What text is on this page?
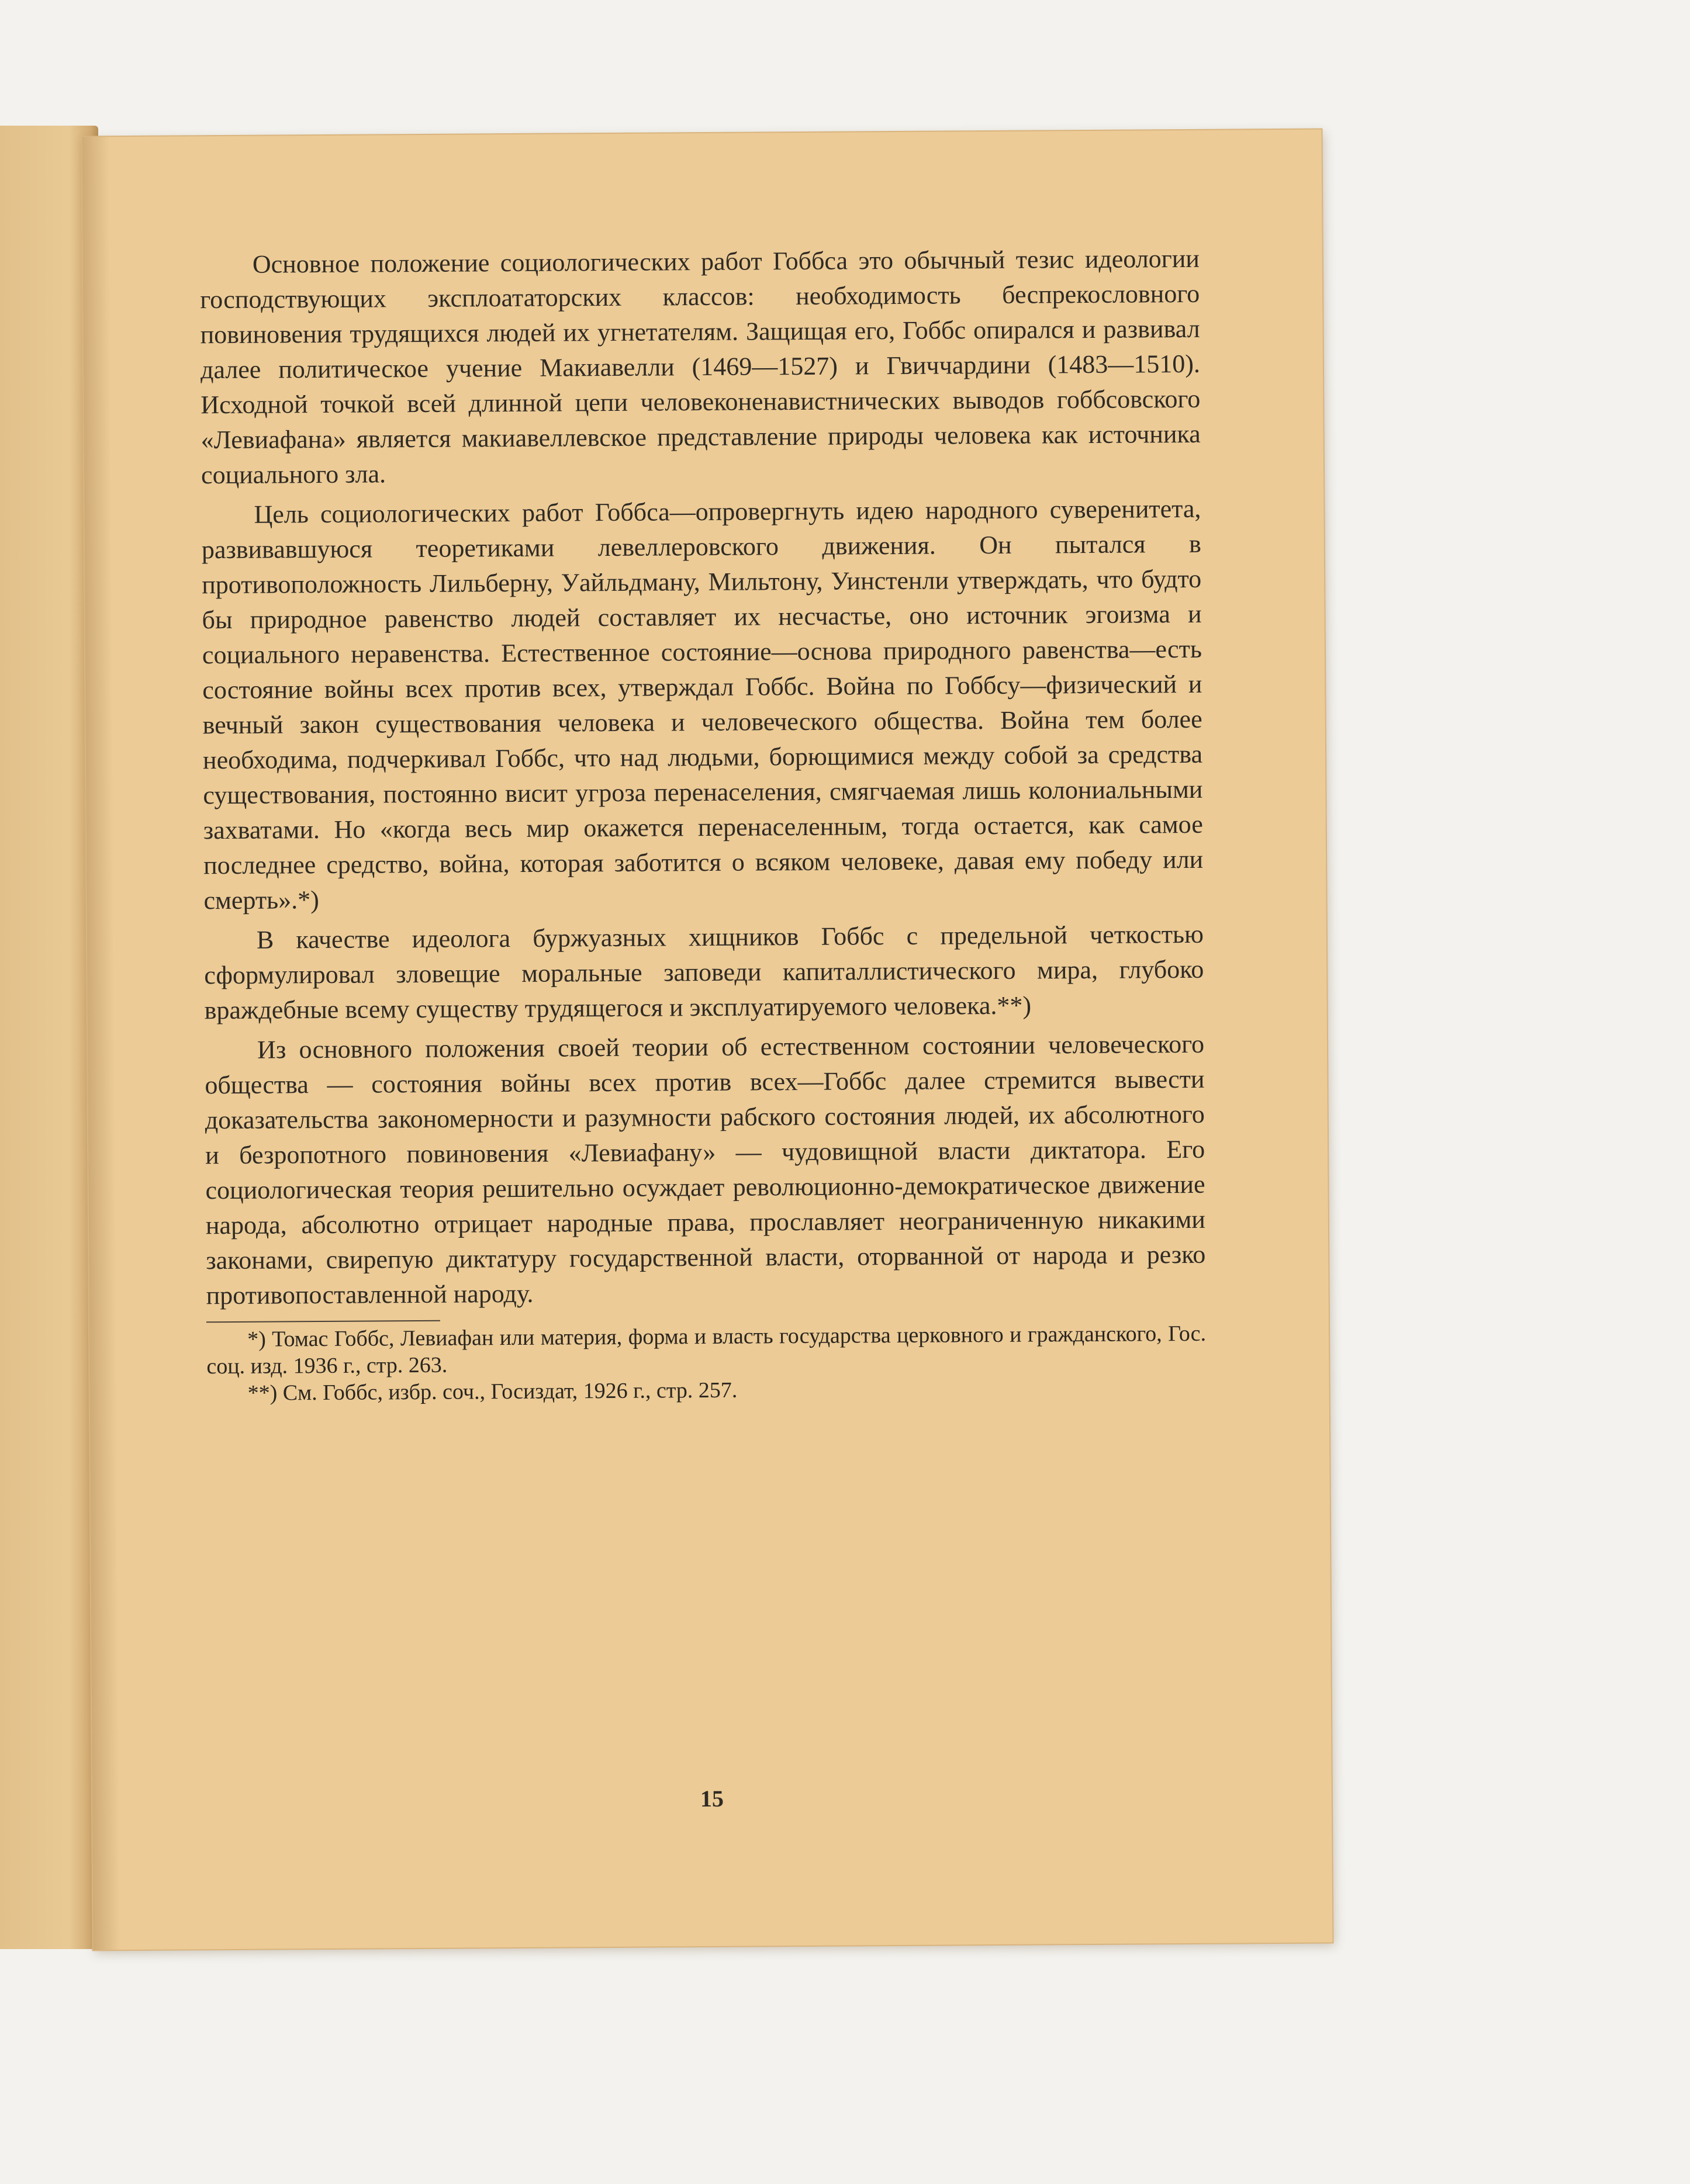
Основное положение социологических работ Гоббса это обычный тезис идеологии господствующих эксплоататорских классов: необходимость беспрекословного повиновения трудящихся людей их угнетателям. Защищая его, Гоббс опирался и развивал далее политическое учение Макиавелли (1469—1527) и Гвиччардини (1483—1510). Исходной точкой всей длинной цепи человеконенавистнических выводов гоббсовского «Левиафана» является макиавеллевское представление природы человека как источника социального зла.

Цель социологических работ Гоббса—опровергнуть идею народного суверенитета, развивавшуюся теоретиками левеллеровского движения. Он пытался в противоположность Лильберну, Уайльдману, Мильтону, Уинстенли утверждать, что будто бы природное равенство людей составляет их несчастье, оно источник эгоизма и социального неравенства. Естественное состояние—основа природного равенства—есть состояние войны всех против всех, утверждал Гоббс. Война по Гоббсу—физический и вечный закон существования человека и человеческого общества. Война тем более необходима, подчеркивал Гоббс, что над людьми, борющимися между собой за средства существования, постоянно висит угроза перенаселения, смягчаемая лишь колониальными захватами. Но «когда весь мир окажется перенаселенным, тогда остается, как самое последнее средство, война, которая заботится о всяком человеке, давая ему победу или смерть».*)

В качестве идеолога буржуазных хищников Гоббс с предельной четкостью сформулировал зловещие моральные заповеди капиталлистического мира, глубоко враждебные всему существу трудящегося и эксплуатируемого человека.**)

Из основного положения своей теории об естественном состоянии человеческого общества — состояния войны всех против всех—Гоббс далее стремится вывести доказательства закономерности и разумности рабского состояния людей, их абсолютного и безропотного повиновения «Левиафану» — чудовищной власти диктатора. Его социологическая теория решительно осуждает революционно-демократическое движение народа, абсолютно отрицает народные права, прославляет неограниченную никакими законами, свирепую диктатуру государственной власти, оторванной от народа и резко противопоставленной народу.

*) Томас Гоббс, Левиафан или материя, форма и власть государства церковного и гражданского, Гос. соц. изд. 1936 г., стр. 263.

**) См. Гоббс, избр. соч., Госиздат, 1926 г., стр. 257.

15
